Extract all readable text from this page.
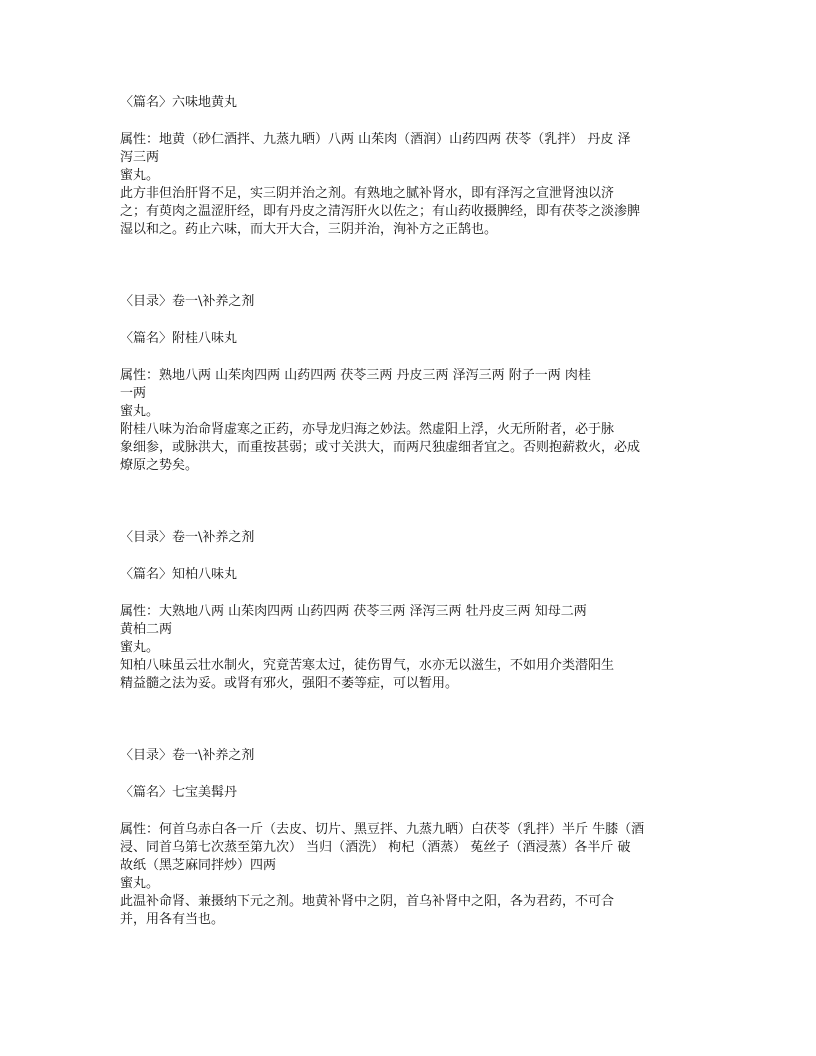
〈篇名〉六味地黄丸
属性：地黄（砂仁酒拌、九蒸九晒）八两 山茱肉（酒润）山药四两 茯苓（乳拌） 丹皮 泽
泻三两
蜜丸。
此方非但治肝肾不足，实三阴并治之剂。有熟地之腻补肾水，即有泽泻之宣泄肾浊以济
之；有萸肉之温涩肝经，即有丹皮之清泻肝火以佐之；有山药收摄脾经，即有茯苓之淡渗脾
湿以和之。药止六味，而大开大合，三阴并治，洵补方之正鹄也。
〈目录〉卷一\补养之剂
〈篇名〉附桂八味丸
属性：熟地八两 山茱肉四两 山药四两 茯苓三两 丹皮三两 泽泻三两 附子一两 肉桂
一两
蜜丸。
附桂八味为治命肾虚寒之正药，亦导龙归海之妙法。然虚阳上浮，火无所附者，必于脉
象细参，或脉洪大，而重按甚弱；或寸关洪大，而两尺独虚细者宜之。否则抱薪救火，必成
燎原之势矣。
〈目录〉卷一\补养之剂
〈篇名〉知柏八味丸
属性：大熟地八两 山茱肉四两 山药四两 茯苓三两 泽泻三两 牡丹皮三两 知母二两
黄柏二两
蜜丸。
知柏八味虽云壮水制火，究竟苦寒太过，徒伤胃气，水亦无以滋生，不如用介类潜阳生
精益髓之法为妥。或肾有邪火，强阳不萎等症，可以暂用。
〈目录〉卷一\补养之剂
〈篇名〉七宝美髯丹
属性：何首乌赤白各一斤（去皮、切片、黑豆拌、九蒸九晒）白茯苓（乳拌）半斤 牛膝（酒
浸、同首乌第七次蒸至第九次） 当归（酒洗） 枸杞（酒蒸） 菟丝子（酒浸蒸）各半斤 破
故纸（黑芝麻同拌炒）四两
蜜丸。
此温补命肾、兼摄纳下元之剂。地黄补肾中之阴，首乌补肾中之阳，各为君药，不可合
并，用各有当也。
